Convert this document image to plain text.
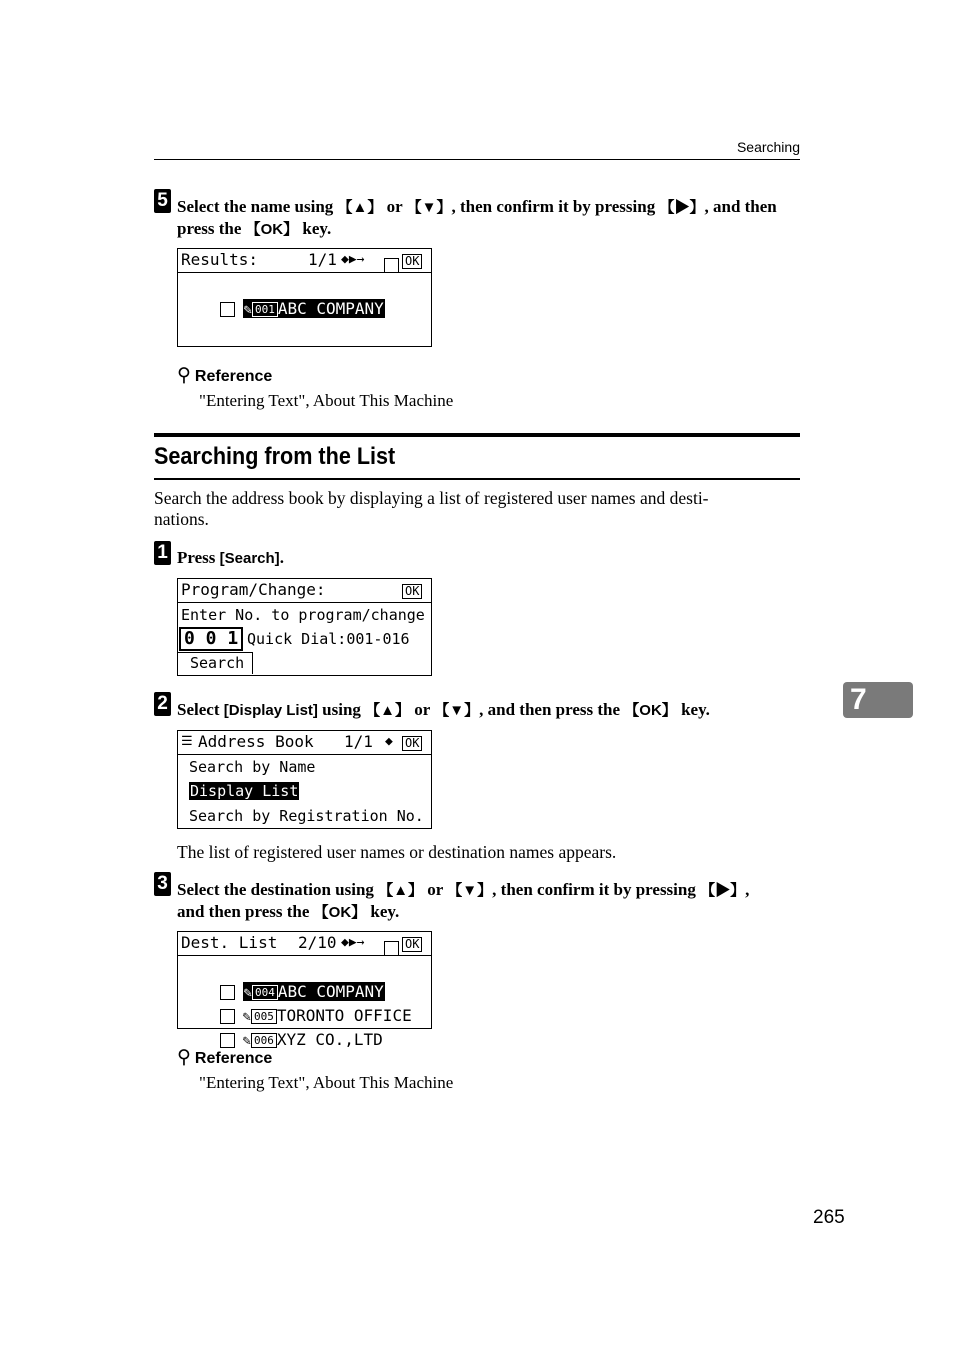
Searching
5 Select the name using 【▲】 or 【▼】, then confirm it by pressing 【▶】, and then
press the 【OK】 key.

Results:

	1/1

◆▶→

	OK

✎ 001 ABC COMPANY

⚲ Reference
"Entering Text", About This Machine
Searching from the List
Search the address book by displaying a list of registered user names and desti-
nations.
1 Press [Search].

Program/Change:

	OK

Enter No. to program/change

0 0 1

Quick Dial:001-016

Search

2 Select [Display List] using 【▲】 or 【▼】, and then press the 【OK】 key.

☰

Address Book

1/1

◆

OK

Search by Name

Display List

Search by Registration No.

The list of registered user names or destination names appears.
3 Select the destination using 【▲】 or 【▼】, then confirm it by pressing 【▶】,
and then press the 【OK】 key.

Dest. List

2/10

◆▶→

	OK

✎ 004 ABC COMPANY

✎ 005 TORONTO OFFICE

✎ 006 XYZ CO.,LTD

⚲ Reference
"Entering Text", About This Machine
7
265
